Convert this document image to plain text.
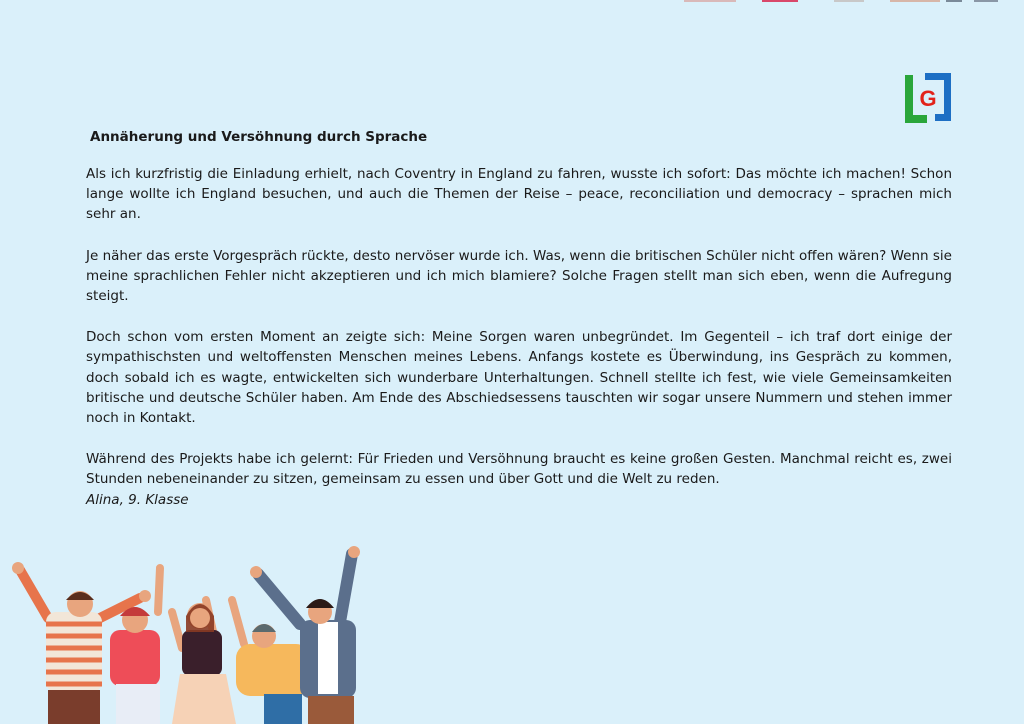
G
Annäherung und Versöhnung durch Sprache

Als ich kurzfristig die Einladung erhielt, nach Coventry in England zu fahren, wusste ich sofort: Das möchte ich machen! Schon lange wollte ich England besuchen, und auch die Themen der Reise – peace, reconciliation und democracy – sprachen mich sehr an.

Je näher das erste Vorgespräch rückte, desto nervöser wurde ich. Was, wenn die britischen Schüler nicht offen wären? Wenn sie meine sprachlichen Fehler nicht akzeptieren und ich mich blamiere? Solche Fragen stellt man sich eben, wenn die Aufregung steigt.

Doch schon vom ersten Moment an zeigte sich: Meine Sorgen waren unbegründet. Im Gegenteil – ich traf dort einige der sympathischsten und weltoffensten Menschen meines Lebens. Anfangs kostete es Überwindung, ins Gespräch zu kommen, doch sobald ich es wagte, entwickelten sich wunderbare Unterhaltungen. Schnell stellte ich fest, wie viele Gemeinsamkeiten britische und deutsche Schüler haben. Am Ende des Abschiedsessens tauschten wir sogar unsere Nummern und stehen immer noch in Kontakt.

Während des Projekts habe ich gelernt: Für Frieden und Versöhnung braucht es keine großen Gesten. Manchmal reicht es, zwei Stunden nebeneinander zu sitzen, gemeinsam zu essen und über Gott und die Welt zu reden.

Alina, 9. Klasse
